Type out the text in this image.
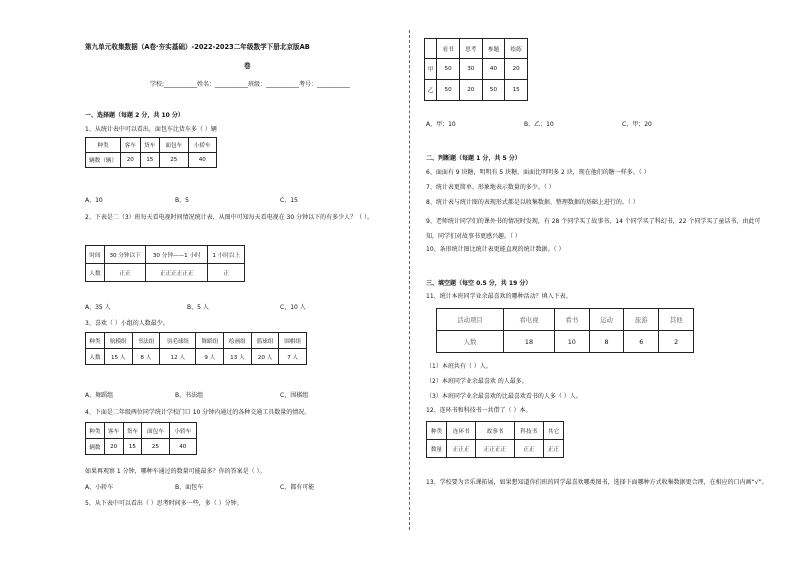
第九单元收集数据（A卷·夯实基础）-2022-2023二年级数学下册北京版AB
卷
学校:___________姓名：___________班级：___________考号：___________
一、选择题（每题 2 分，共 10 分）
1、从统计表中可以看出，面包车比货车多（ ）辆
种类	客车	货车	面包车	小轿车
辆数（辆）	20	15	25	40
A、10	B、5	C、15
2、下表是二（3）班每天看电视时间情况统计表，从图中可知每天看电视在 30 分钟以下的有多少人？（ ）。
时间	30 分钟以下	30 分钟——1 小时	1 小时以上
人数	正正	正正正正正正	正
A、35 人	B、5 人	C、10 人
3、喜欢（ ）小组的人数最少。
种类	航模组	书法组	羽毛球组	舞蹈组	绘画组	篮球组	围棋组
人数	15 人	8 人	12 人	9 人	13 人	20 人	7 人
A、舞蹈组	B、书法组	C、围棋组
4、下面是二年级两位同学统计学校门口 10 分钟内通过的各种交通工具数量的情况。
种类	客车	货车	面包车	小轿车
辆数	20	15	25	40
如果再观察 1 分钟，哪种车通过的数量可能最多？你的答案是（ ）。
A、小轿车	B、面包车	C、都有可能
5、从下表中可以看出（ ）思考时间多一些，多（ ）分钟。
	看书	思考	参题	绘练
甲	50	30	40	20
乙	50	20	50	15
A、甲；10	B、乙；10	C、甲；20
二、判断题（每题 1 分，共 5 分）
6、面面有 9 块糖，明明有 5 块糖，面面比明明多 2 块，现在他们的糖一样多。（ ）
7、统计表更简单、形象地表示数量的多少。（ ）
8、统计表与统计图的表现形式都是以收集数据、整理数据的基础上进行的。（ ）
9、老师统计同学们的课外书的情况时发现，有 28 个同学买了故事书，14 个同学买了科幻书，22 个同学买了童话书，由此可知，同学们对故事书更感兴趣。（ ）
10、条形统计图比统计表更能直观的统计数据。（ ）
三、填空题（每空 0.5 分，共 19 分）
11、统计本班同学业余最喜欢的哪种活动？填入下表。
活动项目	看电视	看书	运动	旅游	其他
人数	18	10	8	6	2
（1）本班共有（ ）人。
（2）本班同学业余最喜欢 的人最多。
（3）本班同学业余最喜欢的比最喜欢看书的人多（ ）人。
12、连环书和科技书一共借了（ ）本。
种类	连环书	故事书	科技书	其它
数量	正正正	正正正正	正正	正正
13、学校要为音乐课拓展，如果想知道你们班的同学最喜欢哪类图书，选择下面哪种方式收集数据更合理，在相应的口内画“√”。
